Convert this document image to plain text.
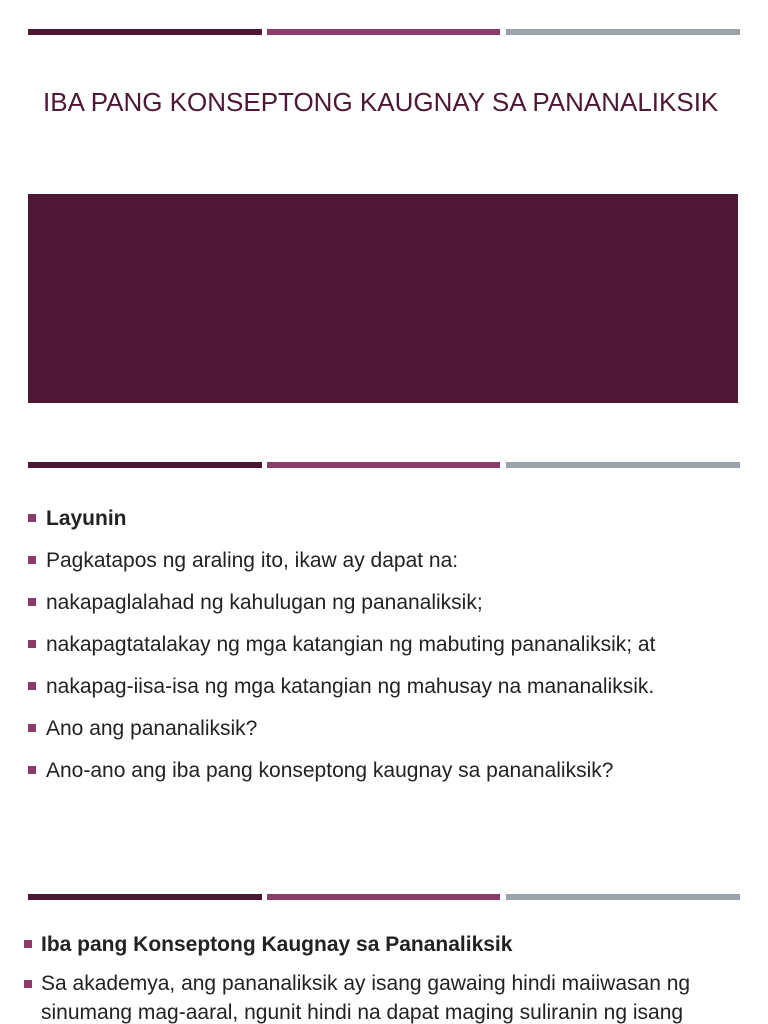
IBA PANG KONSEPTONG KAUGNAY SA PANANALIKSIK
Layunin
Pagkatapos ng araling ito, ikaw ay dapat na:
nakapaglalahad ng kahulugan ng pananaliksik;
nakapagtatalakay ng mga katangian ng mabuting pananaliksik; at
nakapag-iisa-isa ng mga katangian ng mahusay na mananaliksik.
Ano ang pananaliksik?
Ano-ano ang iba pang konseptong kaugnay sa pananaliksik?
Iba pang Konseptong Kaugnay sa Pananaliksik
Sa akademya, ang pananaliksik ay isang gawaing hindi maiiwasan ng sinumang mag-aaral, ngunit hindi na dapat maging suliranin ng isang
